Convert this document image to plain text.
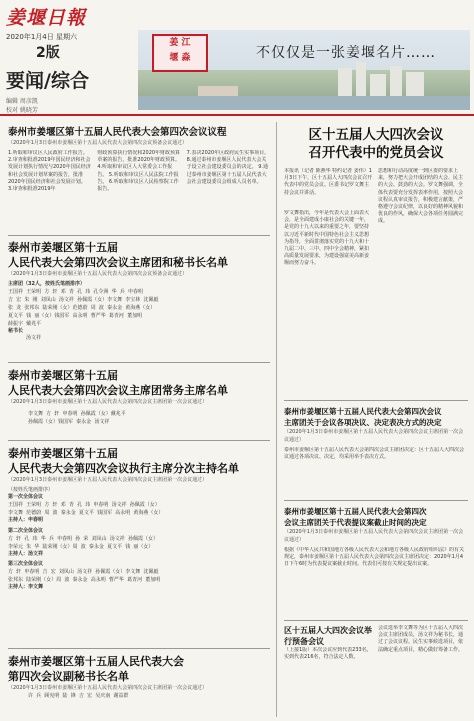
姜堰日報
2020年1月4日 星期六
2版
要闻/综合
编辑 周彦凯
校对 姚晓芳
姜 江
堰 淼	不仅仅是一张姜堰名片……
泰州市姜堰区第十五届人民代表大会第四次会议议程
（2020年1月3日泰州市姜堰区第十五届人民代表大会第四次会议预备会议通过）
1.听取和审议区人民政府工作报告。 2.审查和批准2019年国民经济和社会发展计划执行情况与2020年国民经济和社会发展计划草案的报告，批准2020年国民经济和社会发展计划。 3.审查和批准2019年
财政预算执行情况和2020年财政预算草案的报告，批准2020年财政预算。 4.听取和审议区人大常委会工作报告。 5.听取和审议区人民法院工作报告。 6.听取和审议区人民检察院工作报告。
7.表决2020年区政府民生实事项目。 8.通过泰州市姜堰区人民代表大会关于设立社会建设委员会的决定。 9.通过泰州市姜堰区第十五届人民代表大会社会建设委员会组成人员名单。
泰州市姜堰区第十五届
人民代表大会第四次会议主席团和秘书长名单
（2020年1月3日泰州市姜堰区第十五届人民代表大会第四次会议预备会议通过）
主席团（32人，按姓氏笔画排序）
王国祥  王荣明  方  轩  邓  青  孔  玮  孔令洲  华  兵  申春明
吉  宏  朱  刚  刘凤山  汤文祥  孙佩霞（女）李文舞  李宝林  沈佩毅
张  龙  张邦东  陆荣刚（女）范德蔚  周  波  秦永金  黄海燕（女）
夏文平  钱  丽（女）钱国军  高永明  曹严华  葛青河  董加明
薛振宇  戴兆平
秘书长
汤文祥
泰州市姜堰区第十五届
人民代表大会第四次会议主席团常务主席名单
（2020年1月3日泰州市姜堰区第十五届人民代表大会第四次会议主席团第一次会议通过）
李文舞  方  轩  申春明  孙佩霞（女）戴兆平
孙佩霞（女）钱国军  秦永金  汤文祥
泰州市姜堰区第十五届
人民代表大会第四次会议执行主席分次主持名单
（2020年1月3日泰州市姜堰区第十五届人民代表大会第四次会议主席团第一次会议通过）
（按姓氏笔画排序）
第一次全体会议
王国祥  王荣明  方  轩  邓  青  孔  玮  申春明  汤文祥  孙佩霞（女）
李文舞  范德蔚  周  波  秦永金  夏文平  钱国军  高永明  黄海燕（女）
主持人：申春明
第二次全体会议
方  轩  孔  玮  华  兵  申春明  孙  荣  刘凤山  汤文祥  孙佩霞（女）
李荣元  朱  华  陆荣刚（女）周  波  秦永金  夏文平  钱  丽（女）
主持人：汤文祥
第三次全体会议
方  轩  申春明  吉  宏  刘凤山  汤文祥  孙佩霞（女）李文舞  沈佩毅
张邦东  陆荣刚（女）周  波  秦永金  高永明  曹严华  葛青河  董加明
主持人：李文舞
泰州市姜堰区第十五届人民代表大会
第四次会议副秘书长名单
（2020年1月3日泰州市姜堰区第十五届人民代表大会第四次会议主席团第一次会议通过）
许  兵  顾宪明  陆  锋  吉  宏  吴庆南  谢益群
区十五届人大四次会议
召开代表中的党员会议
本报讯（记者 陈燕华 特约记者 姜伟）1月3日下午，区十五届人大四次会议召开代表中的党员会议。区委书记罗文舞主持会议并讲话。
罗文舞指出，今年是代表大会上面表大会，是全面建成小康社会的关键一年，是党的十九大以来的重要之年，要坚持以习近平新时代中国特色社会主义思想为指导，全面贯彻落实党的十九大和十九届二中、三中、四中全会精神，紧扣高质量发展要求，为建设强富美高新姜堰而努力奋斗。
思想和行动高度统一到区委的要求上来，努力把大会开成团结的大会、民主的大会、鼓劲的大会。罗文舞强调，全体代表要充分发挥表率作用，按照大会议程认真审议报告，积极建言献策，严格遵守会议纪律，以良好的精神风貌和优良的作风，确保大会各项任务圆满完成。
泰州市姜堰区第十五届人民代表大会第四次会议
主席团关于会议各项决议、决定表决方式的决定
（2020年1月3日泰州市姜堰区第十五届人民代表大会第四次会议主席团第一次会议通过）
泰州市姜堰区第十五届人民代表大会第四次会议主席团决定：区十五届人大四次会议通过各项决议、决定，均采用举手表决方式。
泰州市姜堰区第十五届人民代表大会第四次
会议主席团关于代表提议案截止时间的决定
（2020年1月3日泰州市姜堰区第十五届人民代表大会第四次会议主席团第一次会议通过）
根据《中华人民共和国地方各级人民代表大会和地方各级人民政府组织法》的有关规定，泰州市姜堰区第十五届人民代表大会第四次会议主席团决定：2020年1月4日下午6时为代表提议案截止时间。代表们可按有关规定提出议案。
区十五届人大四次会议举行预备会议
（上接1版）本次会议应到代表233名，实到代表216名，符合法定人数。
会议选举李文舞等为区十五届人大四次会议主席团成员，汤文祥为秘书长，通过了会议议程。民生实事候选项目，依法确定重点项目，精心做好筹备工作。
